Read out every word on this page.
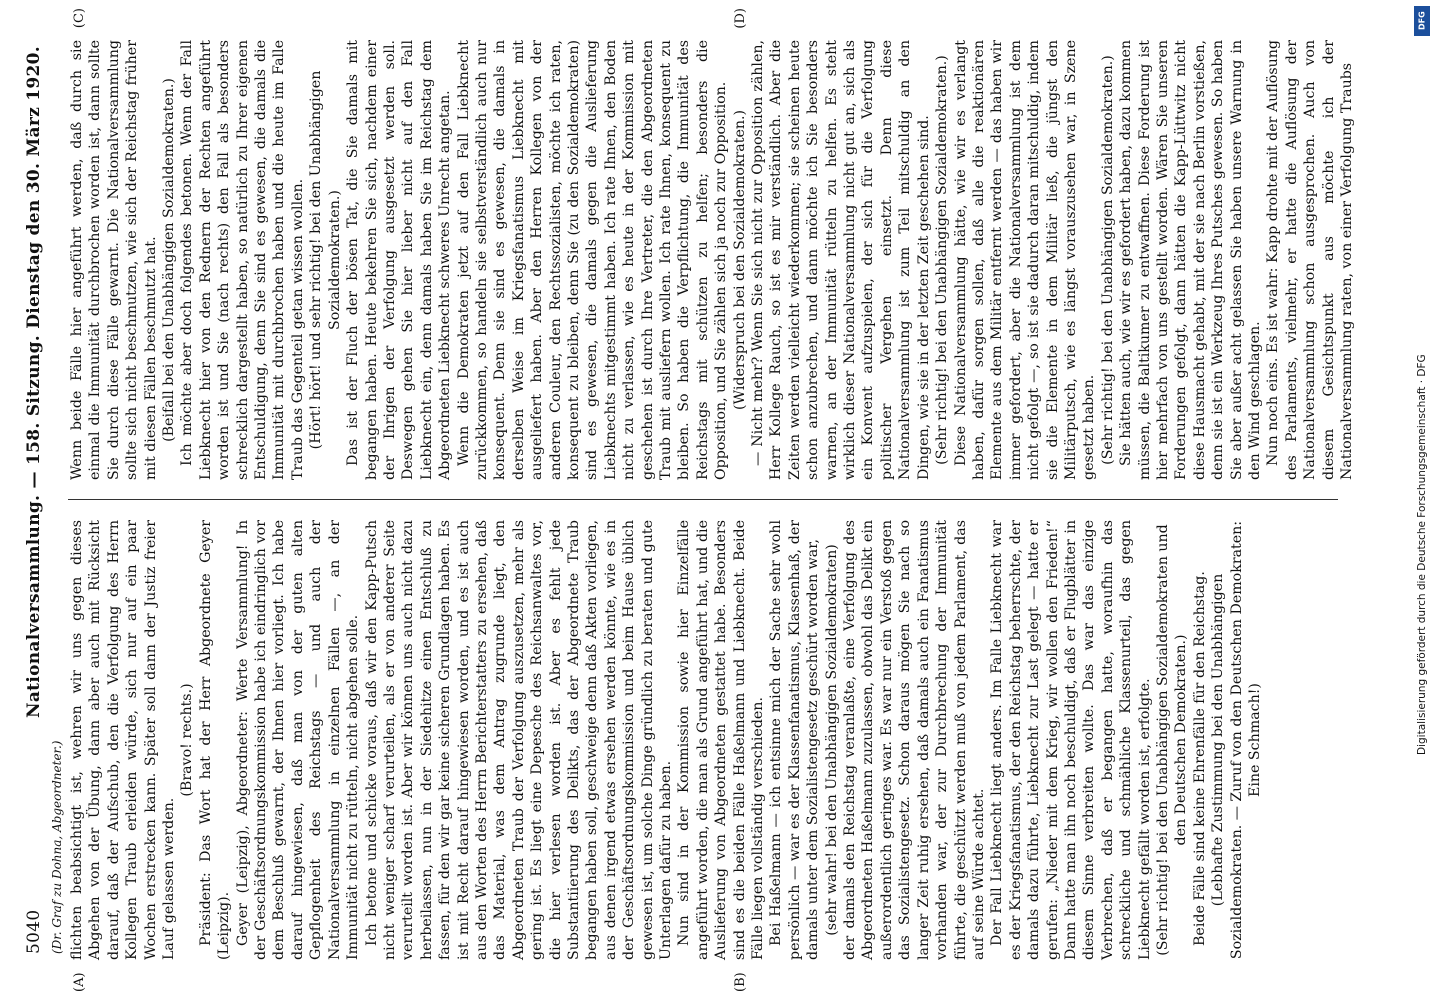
5040
Nationalversammlung. — 158. Sitzung. Dienstag den 30. März 1920.
(Dr. Graf zu Dohna, Abgeordneter.)
(A)	(B)
(C)	(D)

flichten beabsichtigt ist, wehren wir uns gegen dieses Abgehen von der Übung, dann aber auch mit Rücksicht darauf, daß der Aufschub, den die Verfolgung des Herrn Kollegen Traub erleiden würde, sich nur auf ein paar Wochen erstrecken kann. Später soll dann der Justiz freier Lauf gelassen werden.

(Bravo! rechts.) Präsident: Das Wort hat der Herr Abgeordnete Geyer (Leipzig). Geyer (Leipzig), Abgeordneter: Werte Versammlung! In der Geschäftsordnungskommission habe ich eindringlich vor dem Beschluß gewarnt, der Ihnen hier vorliegt. Ich habe darauf hingewiesen, daß man von der guten alten Gepflogenheit des Reichstags — und auch der Nationalversammlung in einzelnen Fällen —, an der Immunität nicht zu rütteln, nicht abgehen solle. Ich betone und schicke voraus, daß wir den Kapp-Putsch nicht weniger scharf verurteilen, als er von anderer Seite verurteilt worden ist. Aber wir können uns auch nicht dazu herbeilassen, nun in der Siedehitze einen Entschluß zu fassen, für den wir gar keine sicheren Grundlagen haben. Es ist mit Recht darauf hingewiesen worden, und es ist auch aus den Worten des Herrn Berichterstatters zu ersehen, daß das Material, was dem Antrag zugrunde liegt, den Abgeordneten Traub der Verfolgung auszusetzen, mehr als gering ist. Es liegt eine Depesche des Reichsanwaltes vor, die hier verlesen worden ist. Aber es fehlt jede Substantiierung des Delikts, das der Abgeordnete Traub begangen haben soll, geschweige denn daß Akten vorliegen, aus denen irgend etwas ersehen werden könnte, wie es in der Geschäftsordnungskommission und beim Hause üblich gewesen ist, um solche Dinge gründlich zu beraten und gute Unterlagen dafür zu haben. Nun sind in der Kommission sowie hier Einzelfälle angeführt worden, die man als Grund angeführt hat, und die Auslieferung von Abgeordneten gestattet habe. Besonders sind es die beiden Fälle Haßelmann und Liebknecht. Beide Fälle liegen vollständig verschieden. Bei Haßelmann — ich entsinne mich der Sache sehr wohl persönlich — war es der Klassenfanatismus, Klassenhaß, der damals unter dem Sozialistengesetz geschürt worden war, (sehr wahr! bei den Unabhängigen Sozialdemokraten) der damals den Reichstag veranlaßte, eine Verfolgung des Abgeordneten Haßelmann zuzulassen, obwohl das Delikt ein außerordentlich geringes war. Es war nur ein Verstoß gegen das Sozialistengesetz. Schon daraus mögen Sie nach so langer Zeit ruhig ersehen, daß damals auch ein Fanatismus vorhanden war, der zur Durchbrechung der Immunität führte, die geschützt werden muß von jedem Parlament, das auf seine Würde achtet. Der Fall Liebknecht liegt anders. Im Falle Liebknecht war es der Kriegsfanatismus, der den Reichstag beherrschte, der damals dazu führte, Liebknecht zur Last gelegt — hatte er gerufen: „Nieder mit dem Krieg, wir wollen den Frieden!“ Dann hatte man ihn noch beschuldigt, daß er Flugblätter in diesem Sinne verbreiten wollte. Das war das einzige Verbrechen, daß er begangen hatte, woraufhin das schreckliche und schmähliche Klassenurteil, das gegen Liebknecht gefällt worden ist, erfolgte. (Sehr richtig! bei den Unabhängigen Sozialdemokraten und den Deutschen Demokraten.) Beide Fälle sind keine Ehrenfälle für den Reichstag. (Lebhafte Zustimmung bei den Unabhängigen Sozialdemokraten. — Zuruf von den Deutschen Demokraten: Eine Schmach!)

Wenn beide Fälle hier angeführt werden, daß durch sie einmal die Immunität durchbrochen worden ist, dann sollte Sie durch diese Fälle gewarnt. Die Nationalversammlung sollte sich nicht beschmutzen, wie sich der Reichstag früher mit diesen Fällen beschmutzt hat. (Beifall bei den Unabhängigen Sozialdemokraten.) Ich möchte aber doch folgendes betonen. Wenn der Fall Liebknecht hier von den Rednern der Rechten angeführt worden ist und Sie (nach rechts) den Fall als besonders schrecklich dargestellt haben, so natürlich zu Ihrer eigenen Entschuldigung, denn Sie sind es gewesen, die damals die Immunität mit durchbrochen haben und die heute im Falle Traub das Gegenteil getan wissen wollen. (Hört! hört! und sehr richtig! bei den Unabhängigen Sozialdemokraten.) Das ist der Fluch der bösen Tat, die Sie damals mit begangen haben. Heute bekehren Sie sich, nachdem einer der Ihrigen der Verfolgung ausgesetzt werden soll. Deswegen gehen Sie hier lieber nicht auf den Fall Liebknecht ein, denn damals haben Sie im Reichstag dem Abgeordneten Liebknecht schweres Unrecht angetan. Wenn die Demokraten jetzt auf den Fall Liebknecht zurückkommen, so handeln sie selbstverständlich auch nur konsequent. Denn sie sind es gewesen, die damals in derselben Weise im Kriegsfanatismus Liebknecht mit ausgeliefert haben. Aber den Herren Kollegen von der anderen Couleur, den Rechtssozialisten, möchte ich raten, konsequent zu bleiben, denn Sie (zu den Sozialdemokraten) sind es gewesen, die damals gegen die Auslieferung Liebknechts mitgestimmt haben. Ich rate Ihnen, den Boden nicht zu verlassen, wie es heute in der Kommission mit geschehen ist durch Ihre Vertreter, die den Abgeordneten Traub mit ausliefern wollen. Ich rate Ihnen, konsequent zu bleiben. So haben die Verpflichtung, die Immunität des Reichstags mit schützen zu helfen; besonders die Opposition, und Sie zählen sich ja noch zur Opposition. (Widerspruch bei den Sozialdemokraten.) — Nicht mehr? Wenn Sie sich nicht zur Opposition zählen, Herr Kollege Rauch, so ist es mir verständlich. Aber die Zeiten werden vielleicht wiederkommen; sie scheinen heute schon anzubrechen, und dann möchte ich Sie besonders warnen, an der Immunität rütteln zu helfen. Es steht wirklich dieser Nationalversammlung nicht gut an, sich als ein Konvent aufzuspielen, der sich für die Verfolgung politischer Vergehen einsetzt. Denn diese Nationalversammlung ist zum Teil mitschuldig an den Dingen, wie sie in der letzten Zeit geschehen sind. (Sehr richtig! bei den Unabhängigen Sozialdemokraten.) Diese Nationalversammlung hätte, wie wir es verlangt haben, dafür sorgen sollen, daß alle die reaktionären Elemente aus dem Militär entfernt werden — das haben wir immer gefordert, aber die Nationalversammlung ist dem nicht gefolgt —, so ist sie dadurch daran mitschuldig, indem sie die Elemente in dem Militär ließ, die jüngst den Militärputsch, wie es längst vorauszusehen war, in Szene gesetzt haben. (Sehr richtig! bei den Unabhängigen Sozialdemokraten.) Sie hätten auch, wie wir es gefordert haben, dazu kommen müssen, die Baltikumer zu entwaffnen. Diese Forderung ist hier mehrfach von uns gestellt worden. Wären Sie unseren Forderungen gefolgt, dann hätten die Kapp-Lüttwitz nicht diese Hausmacht gehabt, mit der sie nach Berlin vorstießen, denn sie ist ein Werkzeug Ihres Putsches gewesen. So haben Sie aber außer acht gelassen Sie haben unsere Warnung in den Wind geschlagen. Nun noch eins. Es ist wahr: Kapp drohte mit der Auflösung des Parlaments, vielmehr, er hatte die Auflösung der Nationalversammlung schon ausgesprochen. Auch von diesem Gesichtspunkt aus möchte ich der Nationalversammlung raten, von einer Verfolgung Traubs

DFG
Digitalisierung gefördert durch die Deutsche Forschungsgemeinschaft · DFG
